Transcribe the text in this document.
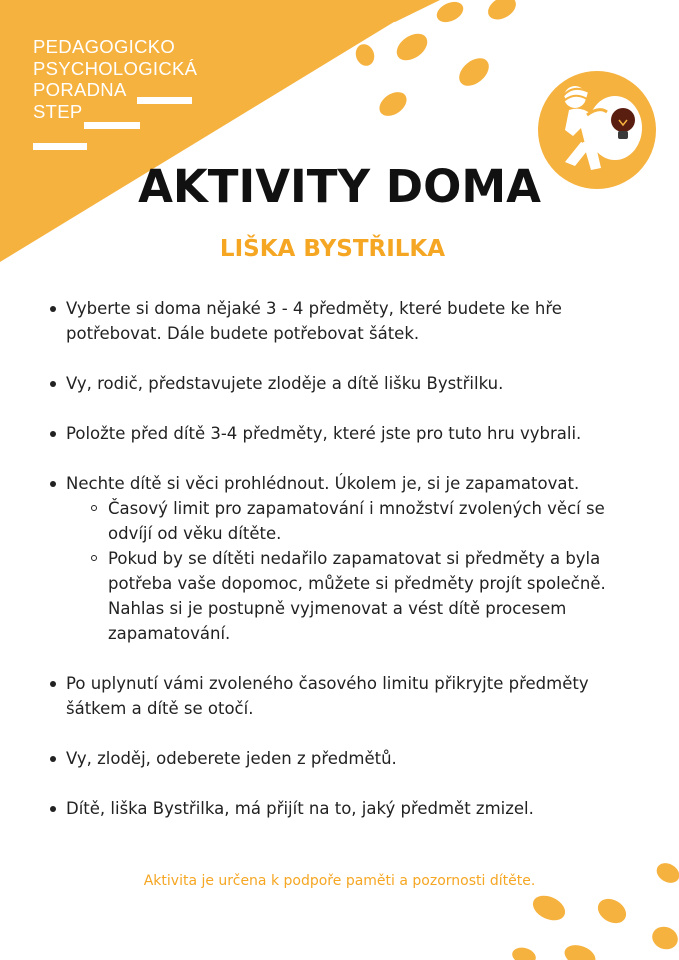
PEDAGOGICKO
PSYCHOLOGICKÁ
PORADNA
STEP
AKTIVITY DOMA
LIŠKA BYSTŘILKA
Vyberte si doma nějaké 3 - 4 předměty, které budete ke hře potřebovat. Dále budete potřebovat šátek.
Vy, rodič, představujete zloděje a dítě lišku Bystřilku.
Položte před dítě 3-4 předměty, které jste pro tuto hru vybrali.
Nechte dítě si věci prohlédnout. Úkolem je, si je zapamatovat.
Časový limit pro zapamatování i množství zvolených věcí se odvíjí od věku dítěte.
Pokud by se dítěti nedařilo zapamatovat si předměty a byla potřeba vaše dopomoc, můžete si předměty projít společně. Nahlas si je postupně vyjmenovat a vést dítě procesem zapamatování.
Po uplynutí vámi zvoleného časového limitu přikryjte předměty šátkem a dítě se otočí.
Vy, zloděj, odeberete jeden z předmětů.
Dítě, liška Bystřilka, má přijít na to, jaký předmět zmizel.

Aktivita je určena k podpoře paměti a pozornosti dítěte.
